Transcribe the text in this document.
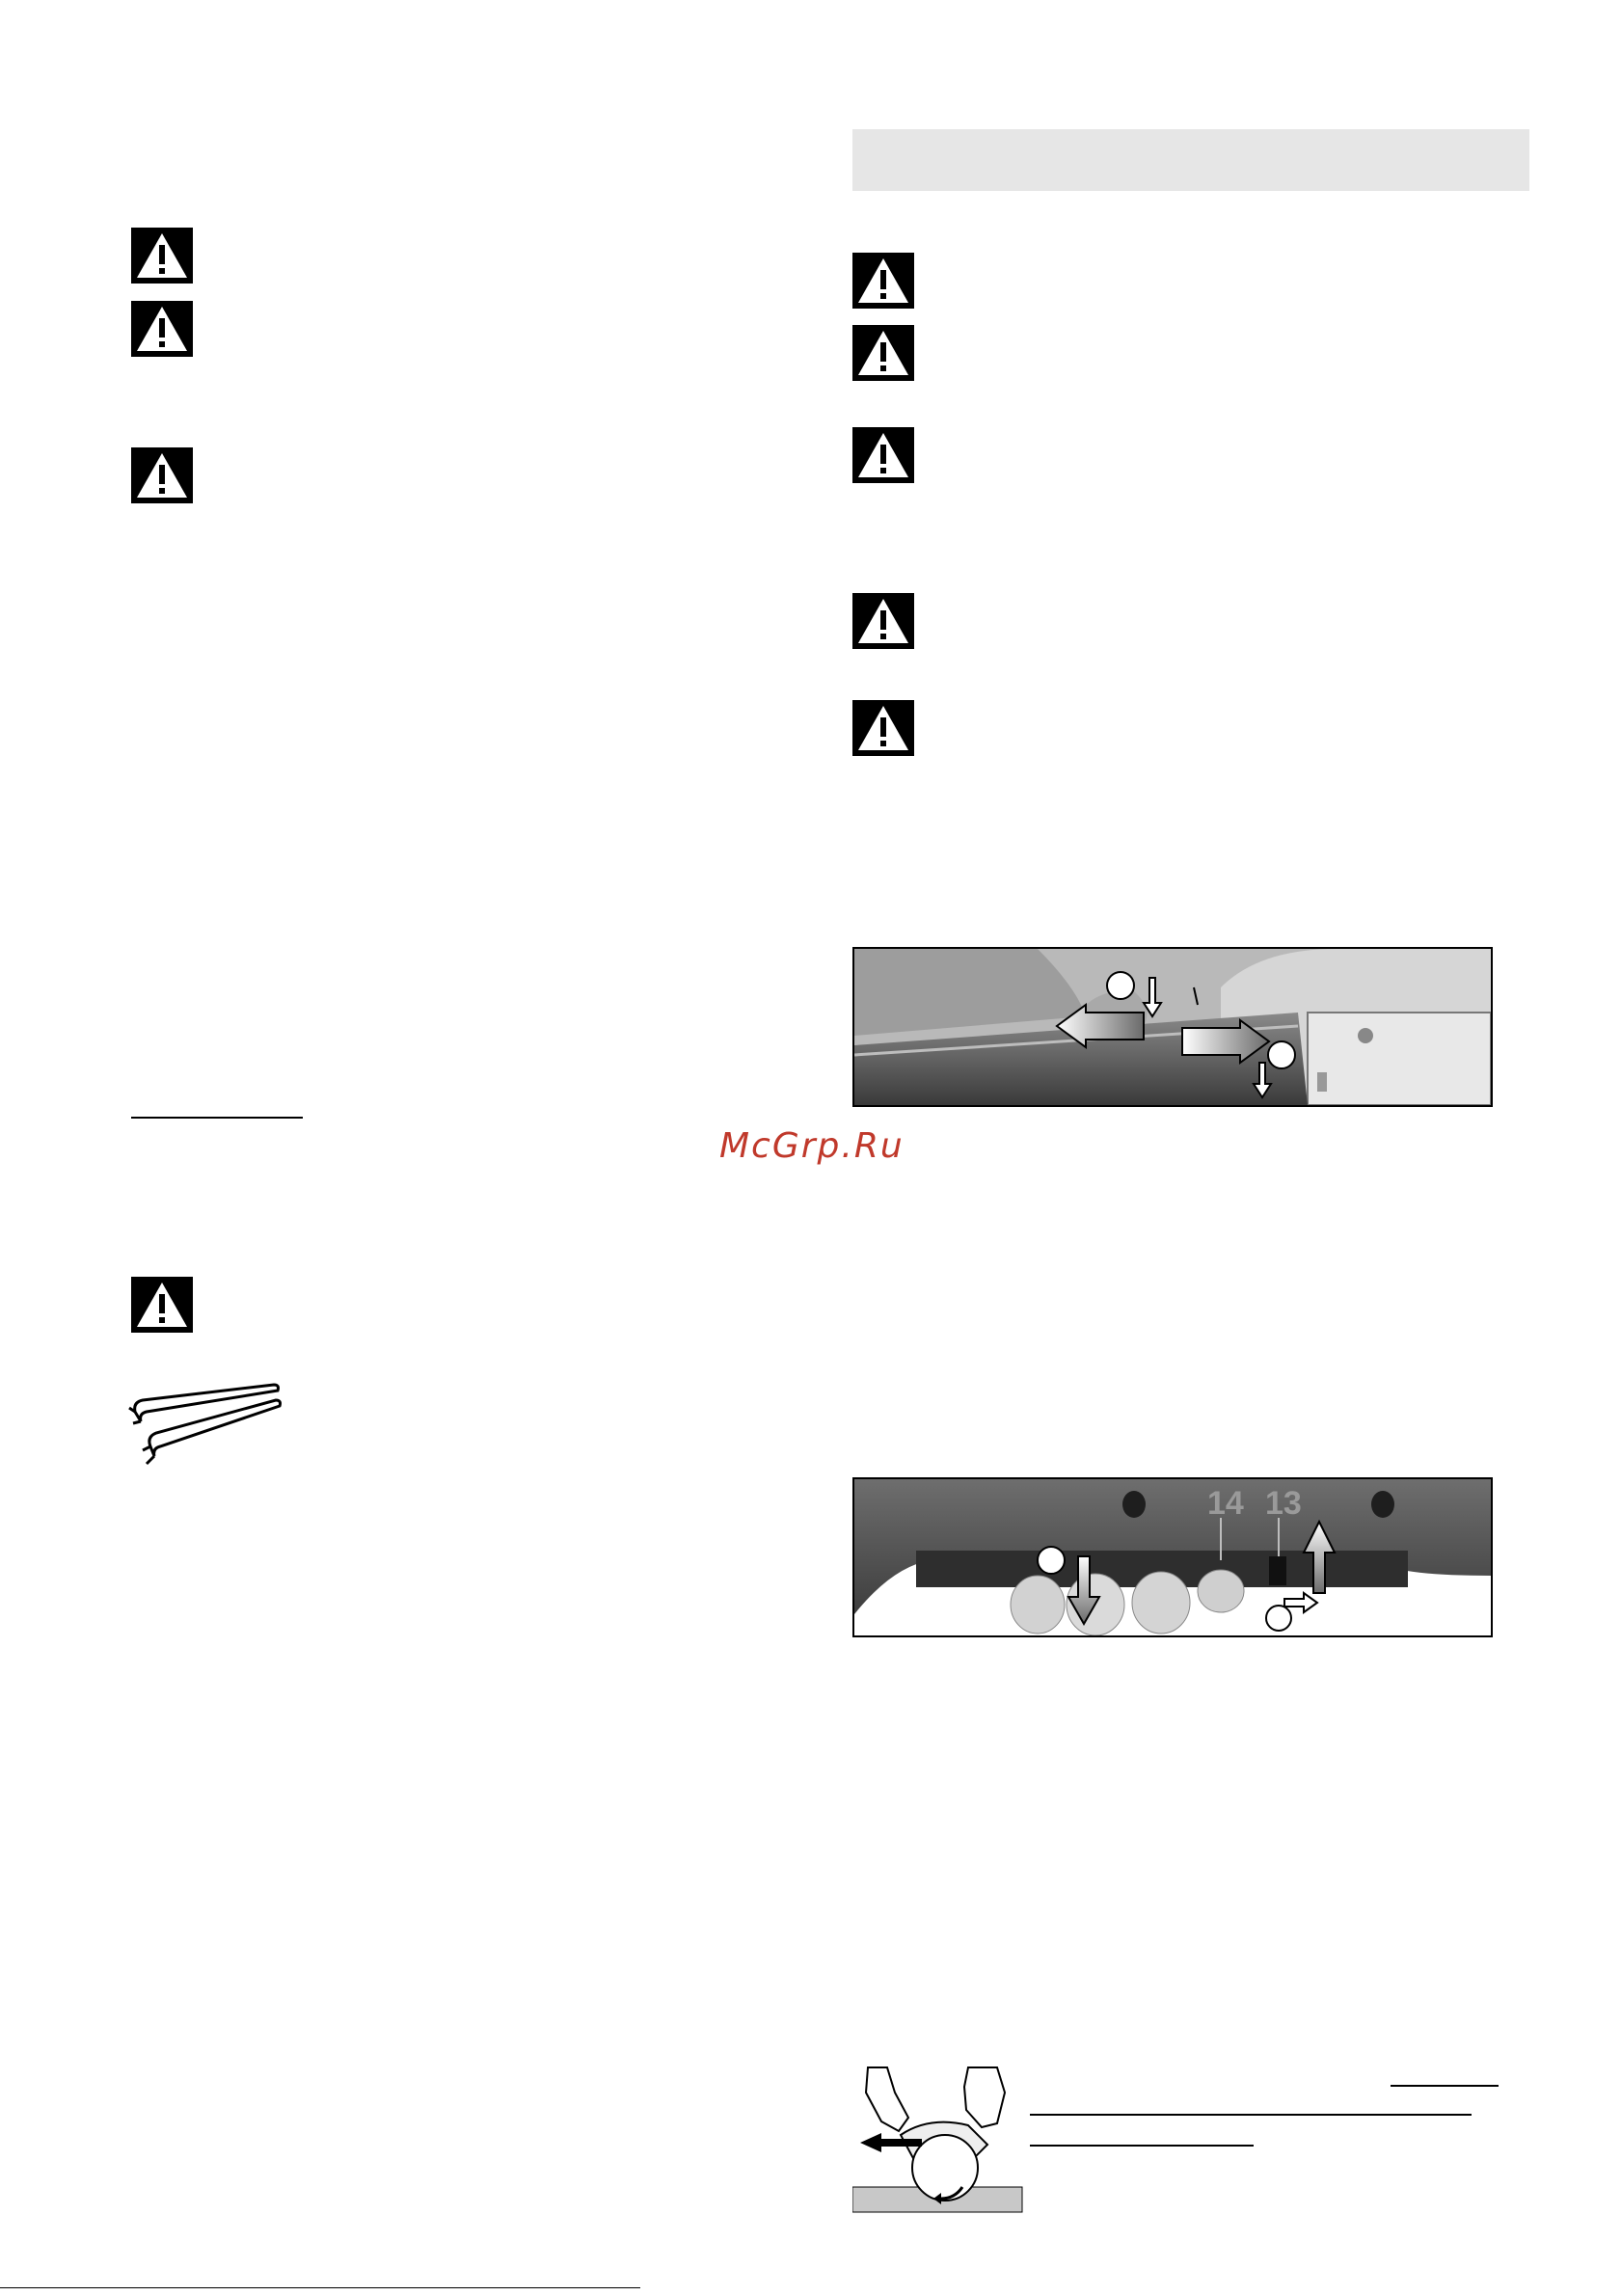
McGrp.Ru
14 13
